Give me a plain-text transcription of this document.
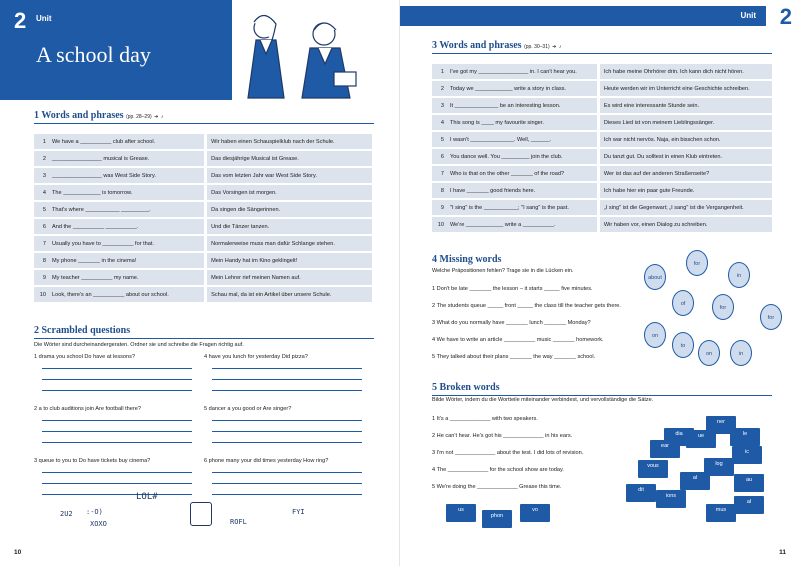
2 Unit
A school day
1 Words and phrases (pp. 28–29) ➜ ♪
1	We have a __________ club after school.		Wir haben einen Schauspielklub nach der Schule.
2	________________ musical is Grease.		Das diesjährige Musical ist Grease.
3	________________ was West Side Story.		Das vom letzten Jahr war West Side Story.
4	The ____________ is tomorrow.		Das Vorsingen ist morgen.
5	That's where ___________ _________.		Da singen die Sängerinnen.
6	And the __________ __________.		Und die Tänzer tanzen.
7	Usually you have to __________ for that.		Normalerweise muss man dafür Schlange stehen.
8	My phone _______ in the cinema!		Mein Handy hat im Kino geklingelt!
9	My teacher __________ my name.		Mein Lehrer rief meinen Namen auf.
10	Look, there's an __________ about our school.		Schau mal, da ist ein Artikel über unsere Schule.
2 Scrambled questions
Die Wörter sind durcheinandergeraten. Ordner sie und schreibe die Fragen richtig auf.
1 drama you school Do have at lessons?	4 have you lunch for yesterday Did pizza?
2 a to club auditions join Are football there?	5 dancer a you good or Are singer?
3 queue to you to Do have tickets buy cinema?	6 phone many your did times yesterday How ring?
2U2 :-O)
XOXO
LOL#
ROFL
FYI
10
Unit 2
3 Words and phrases (pp. 30–31) ➜ ♪
1	I've got my ________________ in. I can't hear you.		Ich habe meine Ohrhörer drin. Ich kann dich nicht hören.
2	Today we ____________ write a story in class.		Heute werden wir im Unterricht eine Geschichte schreiben.
3	It ______________ be an interesting lesson.		Es wird eine interessante Stunde sein.
4	This song is ____ my favourite singer.		Dieses Lied ist von meinem Lieblingssänger.
5	I wasn't ______________. Well, ______.		Ich war nicht nervös. Naja, ein bisschen schon.
6	You dance well. You _________ join the club.		Du tanzt gut. Du solltest in einen Klub eintreten.
7	Who is that on the other _______ of the road?		Wer ist das auf der anderen Straßenseite?
8	I have _______ good friends here.		Ich habe hier ein paar gute Freunde.
9	"I sing" is the ___________; "I sang" is the past.		„I sing" ist die Gegenwart; „I sang" ist die Vergangenheit.
10	We're ____________ write a __________.		Wir haben vor, einen Dialog zu schreiben.
4 Missing words
Welche Präpositionen fehlen? Trage sie in die Lücken ein.
1 Don't be late _______ the lesson – it starts _____ five minutes.
2 The students queue _____ front _____ the class till the teacher gets there.
3 What do you normally have _______ lunch _______ Monday?
4 We have to write an article __________ music _______ homework.
5 They talked about their plans _______ the way _______ school.
about
for
in
of
for
on
for
to
on	in
5 Broken words
Bilde Wörter, indem du die Wortteile miteinander verbindest, und vervollständige die Sätze.
1 It's a _____________ with two speakers.
2 He can't hear. He's got his _____________ in his ears.
3 I'm not _____________ about the test. I did lots of revision.
4 The _____________ for the school show are today.
5 We're doing the _____________ Grease this time.
ner
dia	ue	le
ear
ic
log
vous
al	au
dit
ions
mus
us
phon
vo
al
11
